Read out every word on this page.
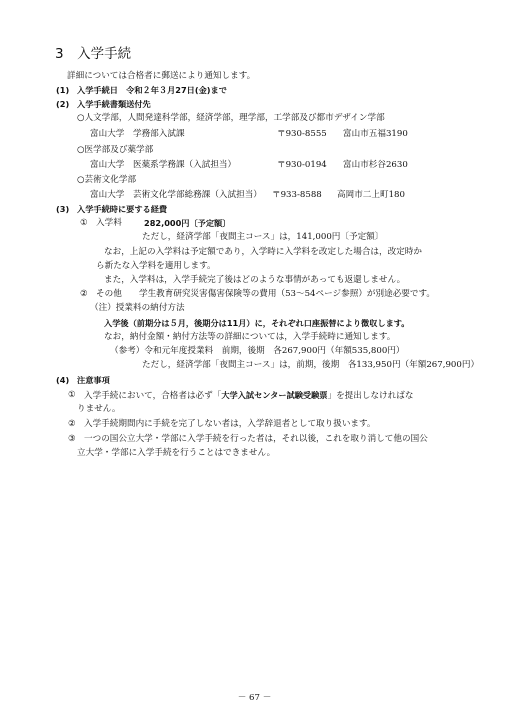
3　入学手続
詳細については合格者に郵送により通知します。
(1) 入学手続日　令和２年３月27日(金)まで
(2) 入学手続書類送付先
○人文学部，人間発達科学部，経済学部，理学部，工学部及び都市デザイン学部
富山大学　学務部入試課	〒930-8555 富山市五福3190
○医学部及び薬学部
富山大学　医薬系学務課（入試担当）	〒930-0194 富山市杉谷2630
○芸術文化学部
富山大学　芸術文化学部総務課（入試担当） 〒933-8588 高岡市二上町180
(3) 入学手続時に要する経費
① 入学料	282,000円〔予定額〕
ただし，経済学部「夜間主コース」は，141,000円〔予定額〕
なお，上記の入学料は予定額であり，入学時に入学料を改定した場合は，改定時か
ら新たな入学料を適用します。
また，入学料は，入学手続完了後はどのような事情があっても返還しません。
② その他　　学生教育研究災害傷害保険等の費用（53～54ページ参照）が別途必要です。
（注）授業料の納付方法
入学後（前期分は５月，後期分は11月）に，それぞれ口座振替により徴収します。
なお，納付金額・納付方法等の詳細については，入学手続時に通知します。
（参考）令和元年度授業料　前期，後期　各267,900円（年額535,800円）
ただし，経済学部「夜間主コース」は，前期，後期　各133,950円（年額267,900円）
(4) 注意事項
① 入学手続において，合格者は必ず「大学入試センター試験受験票」を提出しなければな
りません。
② 入学手続期間内に手続を完了しない者は，入学辞退者として取り扱います。
③ 一つの国公立大学・学部に入学手続を行った者は，それ以後，これを取り消して他の国公
立大学・学部に入学手続を行うことはできません。
－ 67 －
